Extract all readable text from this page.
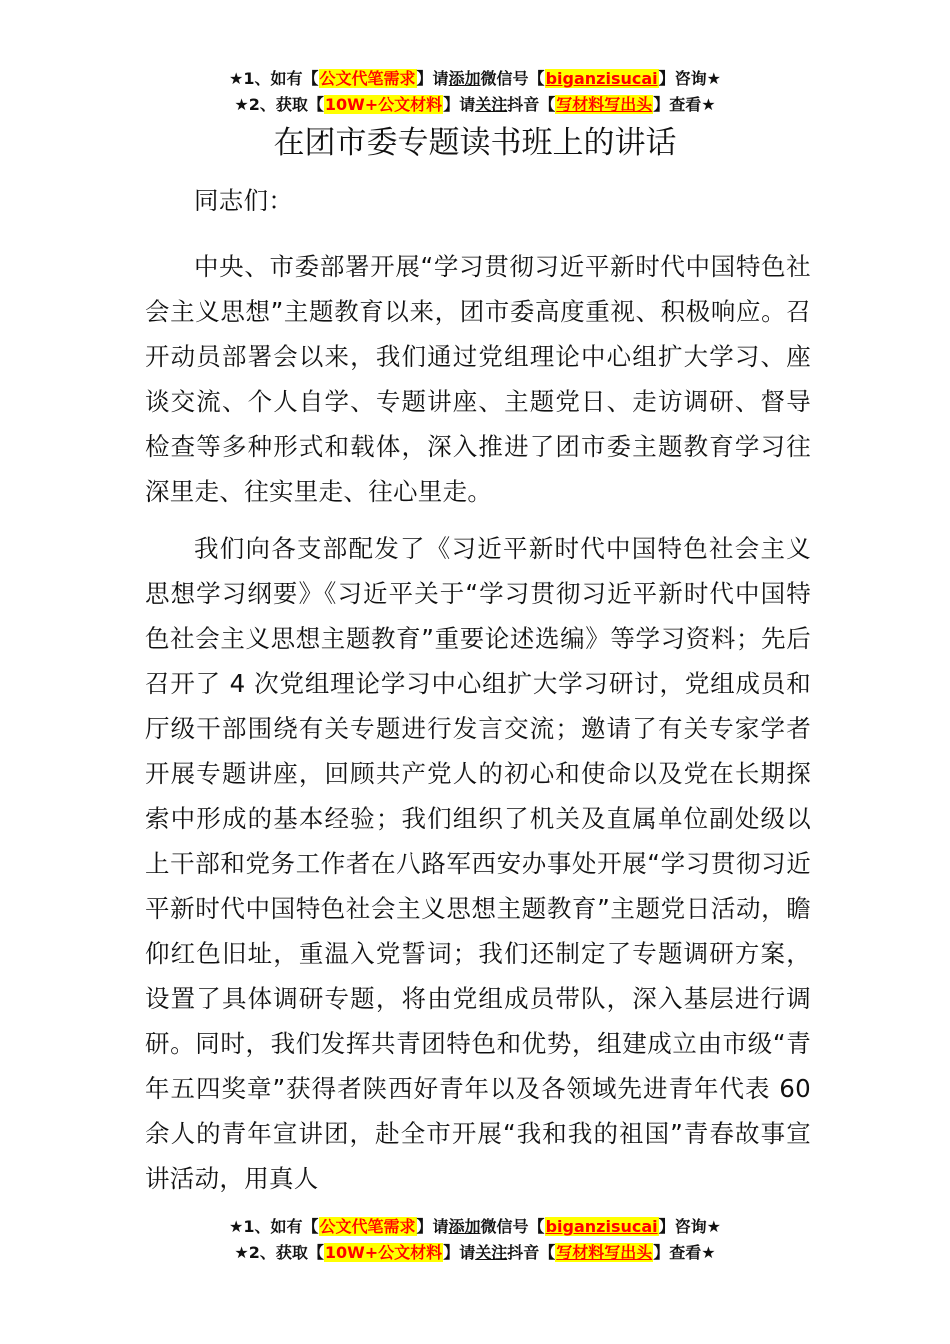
★1、如有【公文代笔需求】请添加微信号【biganzisucai】咨询★
★2、获取【10W+公文材料】请关注抖音【写材料写出头】查看★
在团市委专题读书班上的讲话

同志们：

中央、市委部署开展“学习贯彻习近平新时代中国特色社会主义思想”主题教育以来，团市委高度重视、积极响应。召开动员部署会以来，我们通过党组理论中心组扩大学习、座谈交流、个人自学、专题讲座、主题党日、走访调研、督导检查等多种形式和载体，深入推进了团市委主题教育学习往深里走、往实里走、往心里走。

我们向各支部配发了《习近平新时代中国特色社会主义思想学习纲要》《习近平关于“学习贯彻习近平新时代中国特色社会主义思想主题教育”重要论述选编》等学习资料；先后召开了 4 次党组理论学习中心组扩大学习研讨，党组成员和厅级干部围绕有关专题进行发言交流；邀请了有关专家学者开展专题讲座，回顾共产党人的初心和使命以及党在长期探索中形成的基本经验；我们组织了机关及直属单位副处级以上干部和党务工作者在八路军西安办事处开展“学习贯彻习近平新时代中国特色社会主义思想主题教育”主题党日活动，瞻仰红色旧址，重温入党誓词；我们还制定了专题调研方案，设置了具体调研专题，将由党组成员带队，深入基层进行调研。同时，我们发挥共青团特色和优势，组建成立由市级“青年五四奖章”获得者陕西好青年以及各领域先进青年代表 60 余人的青年宣讲团，赴全市开展“我和我的祖国”青春故事宣讲活动，用真人

★1、如有【公文代笔需求】请添加微信号【biganzisucai】咨询★
★2、获取【10W+公文材料】请关注抖音【写材料写出头】查看★
